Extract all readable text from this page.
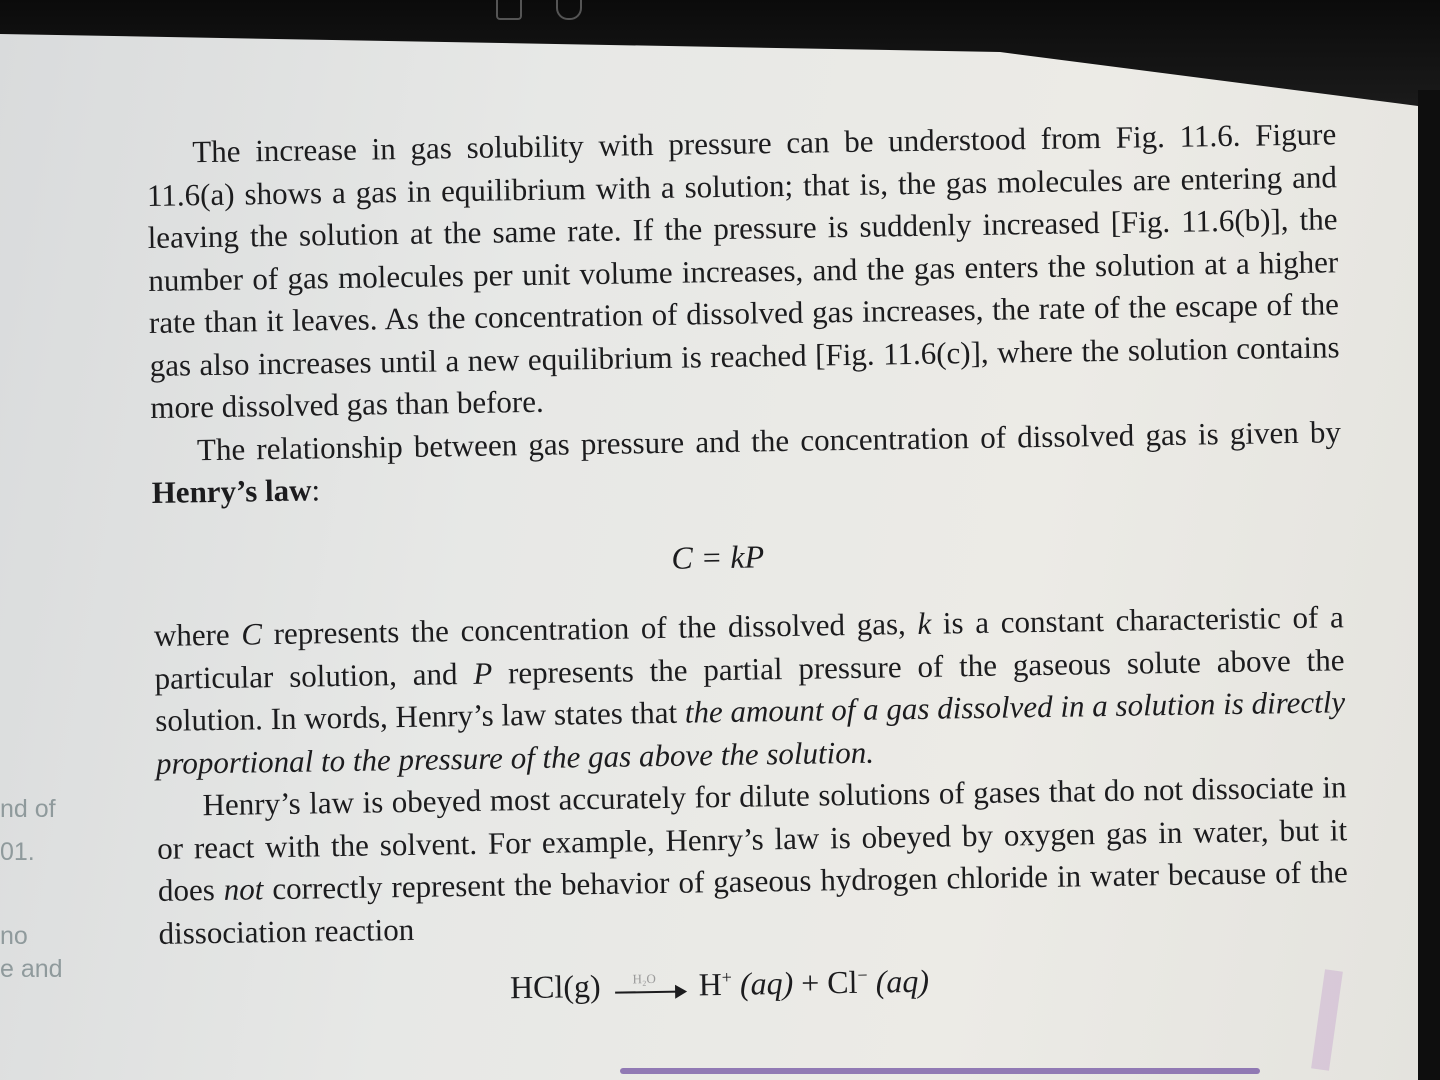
nd of
01.
no
e and

The increase in gas solubility with pressure can be understood from Fig. 11.6. Figure 11.6(a) shows a gas in equilibrium with a solution; that is, the gas molecules are entering and leaving the solution at the same rate. If the pressure is suddenly increased [Fig. 11.6(b)], the number of gas molecules per unit volume increases, and the gas enters the solution at a higher rate than it leaves. As the concentration of dissolved gas increases, the rate of the escape of the gas also increases until a new equilibrium is reached [Fig. 11.6(c)], where the solution contains more dissolved gas than before.

The relationship between gas pressure and the concentration of dissolved gas is given by Henry’s law:

C = kP

where C represents the concentration of the dissolved gas, k is a constant characteristic of a particular solution, and P represents the partial pressure of the gaseous solute above the solution. In words, Henry’s law states that the amount of a gas dissolved in a solution is directly proportional to the pressure of the gas above the solution.

Henry’s law is obeyed most accurately for dilute solutions of gases that do not dissociate in or react with the solvent. For example, Henry’s law is obeyed by oxygen gas in water, but it does not correctly represent the behavior of gaseous hydrogen chloride in water because of the dissociation reaction

HCl(g) H₂O H+ (aq) + Cl− (aq)
